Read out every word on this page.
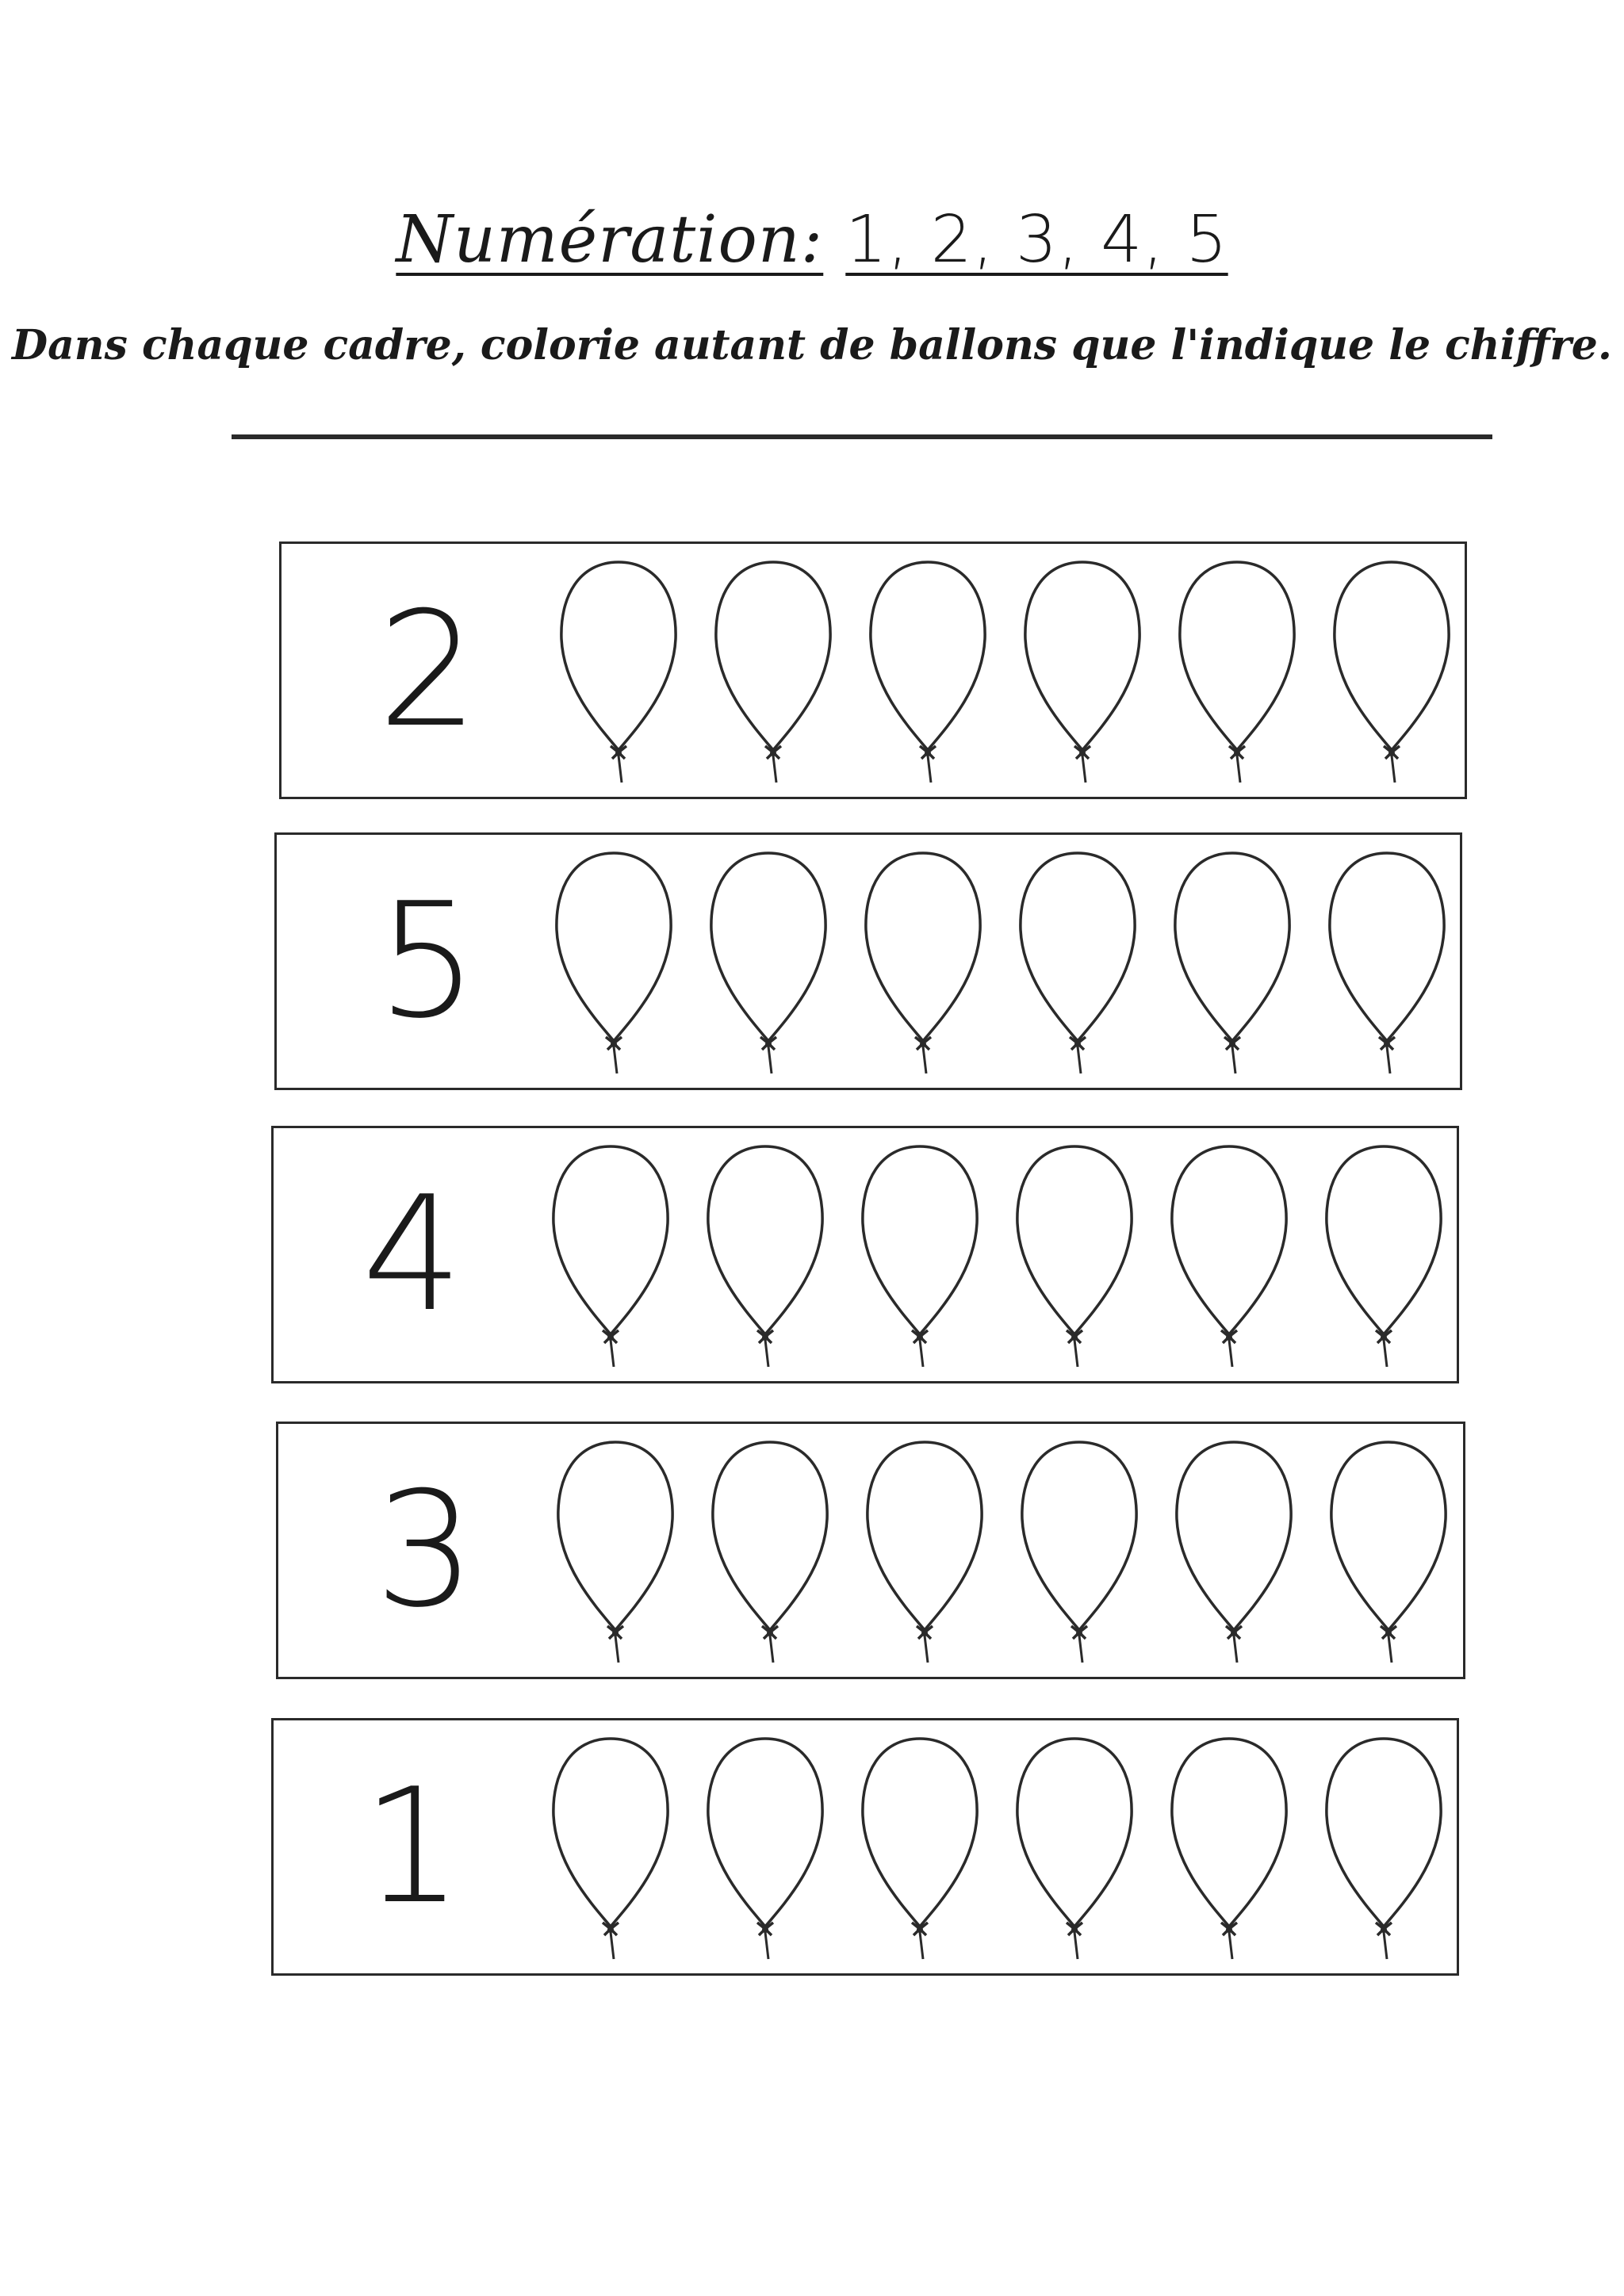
Numération: 1, 2, 3, 4, 5
Dans chaque cadre, colorie autant de ballons que l'indique le chiffre.
2
5
4
3
1
